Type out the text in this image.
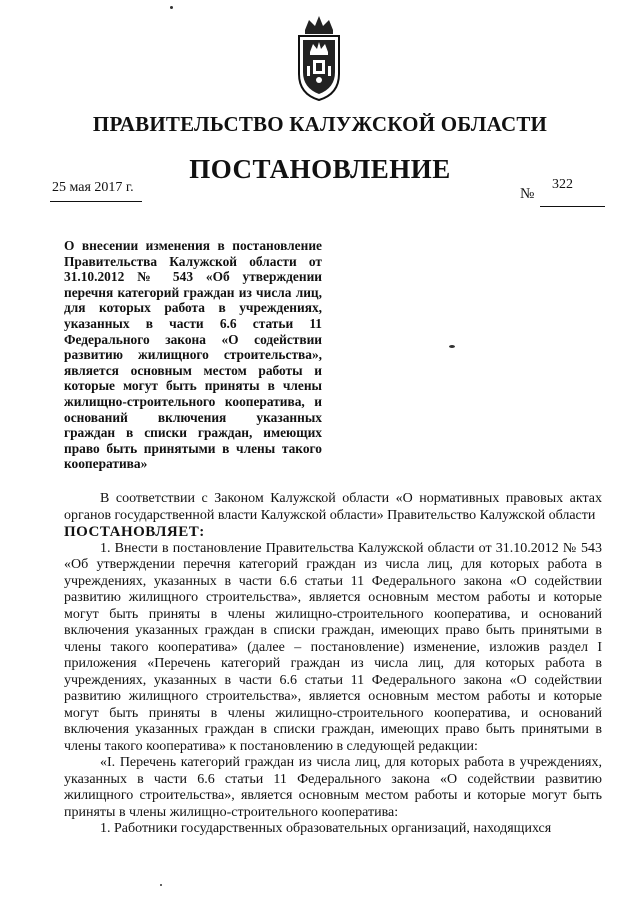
ПРАВИТЕЛЬСТВО КАЛУЖСКОЙ ОБЛАСТИ
ПОСТАНОВЛЕНИЕ
25 мая 2017 г.	№
322
О внесении изменения в постановление Правительства Калужской области от 31.10.2012 № 543 «Об утверждении перечня категорий граждан из числа лиц, для которых работа в учреждениях, указанных в части 6.6 статьи 11 Федерального закона «О содействии развитию жилищного строительства», является основным местом работы и которые могут быть приняты в члены жилищно-строительного кооператива, и оснований включения указанных граждан в списки граждан, имеющих право быть принятыми в члены такого кооператива»

В соответствии с Законом Калужской области «О нормативных правовых актах органов государственной власти Калужской области» Правительство Калужской области

ПОСТАНОВЛЯЕТ:

1. Внести в постановление Правительства Калужской области от 31.10.2012 № 543 «Об утверждении перечня категорий граждан из числа лиц, для которых работа в учреждениях, указанных в части 6.6 статьи 11 Федерального закона «О содействии развитию жилищного строительства», является основным местом работы и которые могут быть приняты в члены жилищно-строительного кооператива, и оснований включения указанных граждан в списки граждан, имеющих право быть принятыми в члены такого кооператива» (далее – постановление) изменение, изложив раздел I приложения «Перечень категорий граждан из числа лиц, для которых работа в учреждениях, указанных в части 6.6 статьи 11 Федерального закона «О содействии развитию жилищного строительства», является основным местом работы и которые могут быть приняты в члены жилищно-строительного кооператива, и оснований включения указанных граждан в списки граждан, имеющих право быть принятыми в члены такого кооператива» к постановлению в следующей редакции:

«I. Перечень категорий граждан из числа лиц, для которых работа в учреждениях, указанных в части 6.6 статьи 11 Федерального закона «О содействии развитию жилищного строительства», является основным местом работы и которые могут быть приняты в члены жилищно-строительного кооператива:

1. Работники государственных образовательных организаций, находящихся
